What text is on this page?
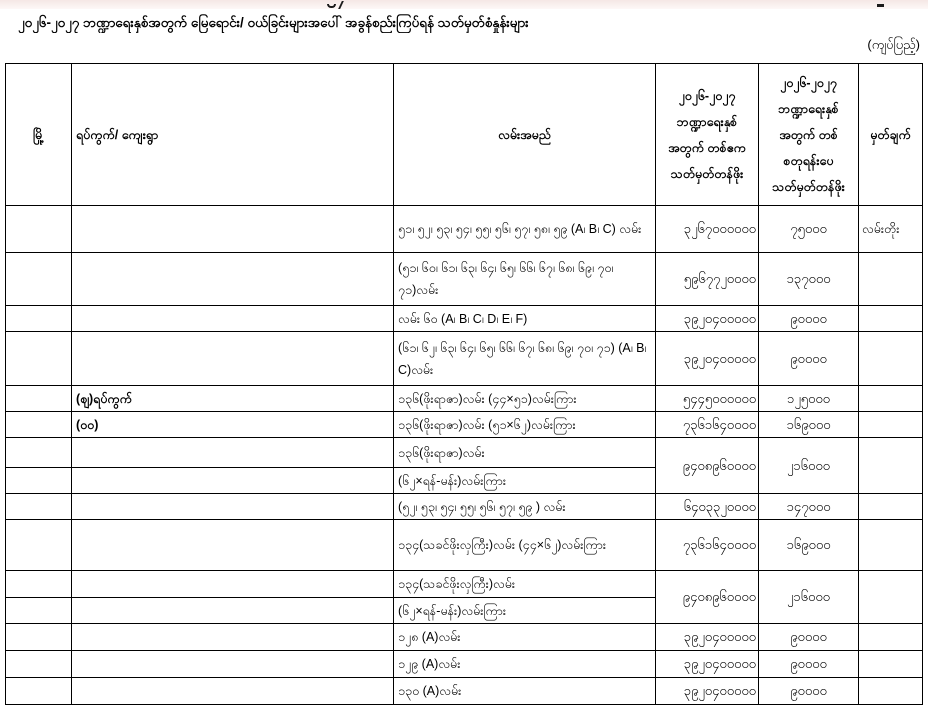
၂၀၂၆-၂၀၂၇ ဘဏ္ဍာရေးနှစ်အတွက် မြေရောင်း/ ဝယ်ခြင်းများအပေါ် အခွန်စည်းကြပ်ရန် သတ်မှတ်စံနှုန်းများ
(ကျပ်ပြည့်)
မြို့	ရပ်ကွက်/ ကျေးရွာ	လမ်းအမည်	၂၀၂၆-၂၀၂၇ ဘဏ္ဍာရေးနှစ် အတွက် တစ်ဧက သတ်မှတ်တန်ဖိုး	၂၀၂၆-၂၀၂၇ ဘဏ္ဍာရေးနှစ် အတွက် တစ်စတုရန်းပေ သတ်မှတ်တန်ဖိုး	မှတ်ချက်
		၅၁၊ ၅၂၊ ၅၃၊ ၅၄၊ ၅၅၊ ၅၆၊ ၅၇၊ ၅၈၊ ၅၉ (A၊ B၊ C) လမ်း	၃၂၆၇၀၀၀၀၀၀	၇၅၀၀၀	လမ်းတိုး
		(၅၁၊ ၆၀၊ ၆၁၊ ၆၃၊ ၆၄၊ ၆၅၊ ၆၆၊ ၆၇၊ ၆၈၊ ၆၉၊ ၇၀၊ ၇၁)လမ်း	၅၉၆၇၇၂၀၀၀၀	၁၃၇၀၀၀	
		လမ်း ၆၀ (A၊ B၊ C၊ D၊ E၊ F)	၃၉၂၀၄၀၀၀၀၀	၉၀၀၀၀	
		(၆၁၊ ၆၂၊ ၆၃၊ ၆၄၊ ၆၅၊ ၆၆၊ ၆၇၊ ၆၈၊ ၆၉၊ ၇၀၊ ၇၁) (A၊ B၊ C)လမ်း	၃၉၂၀၄၀၀၀၀၀	၉၀၀၀၀	
	(ဈ)ရပ်ကွက်	၁၃၆(ဖိုးရာဇာ)လမ်း (၄၄×၅၁)လမ်းကြား	၅၄၄၅၀၀၀၀၀၀	၁၂၅၀၀၀	
	(ဝဝ)	၁၃၆(ဖိုးရာဇာ)လမ်း (၅၁×၆၂)လမ်းကြား	၇၃၆၁၆၄၀၀၀၀	၁၆၉၀၀၀	
		၁၃၆(ဖိုးရာဇာ)လမ်း	၉၄၀၈၉၆၀၀၀၀	၂၁၆၀၀၀	
		(၆၂×ရန်-မန်း)လမ်းကြား			
		(၅၂၊ ၅၃၊ ၅၄၊ ၅၅၊ ၅၆၊ ၅၇၊ ၅၉ ) လမ်း	၆၄၀၃၃၂၀၀၀၀	၁၄၇၀၀၀	
		၁၃၄(သခင်ဖိုးလှကြီး)လမ်း (၄၄×၆၂)လမ်းကြား	၇၃၆၁၆၄၀၀၀၀	၁၆၉၀၀၀	
		၁၃၄(သခင်ဖိုးလှကြီး)လမ်း	၉၄၀၈၉၆၀၀၀၀	၂၁၆၀၀၀	
		(၆၂×ရန်-မန်း)လမ်းကြား			
		၁၂၈ (A)လမ်း	၃၉၂၀၄၀၀၀၀၀	၉၀၀၀၀	
		၁၂၉ (A)လမ်း	၃၉၂၀၄၀၀၀၀၀	၉၀၀၀၀	
		၁၃၀ (A)လမ်း	၃၉၂၀၄၀၀၀၀၀	၉၀၀၀၀	
